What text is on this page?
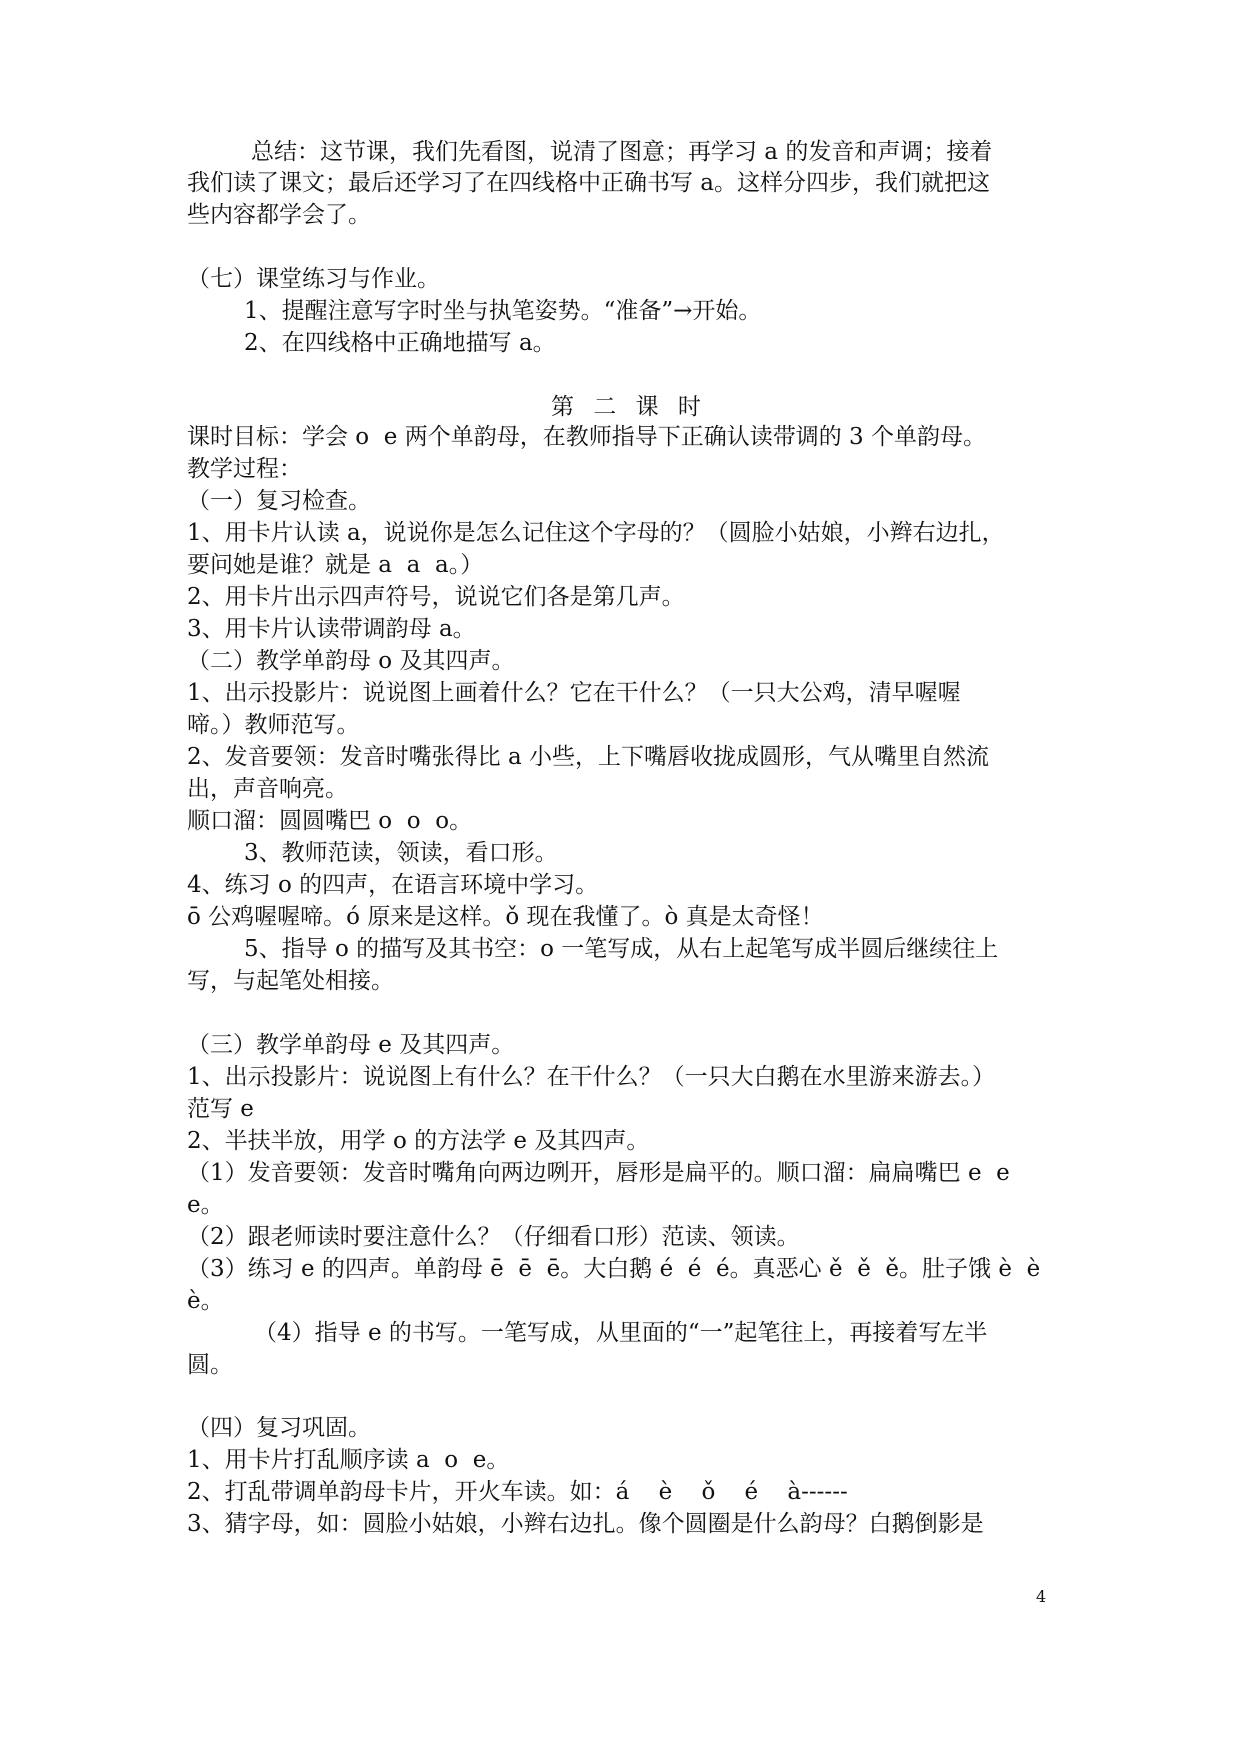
总结：这节课，我们先看图，说清了图意；再学习 a 的发音和声调；接着

我们读了课文；最后还学习了在四线格中正确书写 a。这样分四步，我们就把这

些内容都学会了。

（七）课堂练习与作业。

1、提醒注意写字时坐与执笔姿势。“准备”→开始。

2、在四线格中正确地描写 a。

第 二 课 时

课时目标：学会 o  e 两个单韵母，在教师指导下正确认读带调的 3 个单韵母。

教学过程：

（一）复习检查。

1、用卡片认读 a，说说你是怎么记住这个字母的？（圆脸小姑娘，小辫右边扎，

要问她是谁？就是 a  a  a。）

2、用卡片出示四声符号，说说它们各是第几声。

3、用卡片认读带调韵母 a。

（二）教学单韵母 o 及其四声。

1、出示投影片：说说图上画着什么？它在干什么？（一只大公鸡，清早喔喔

啼。）教师范写。

2、发音要领：发音时嘴张得比 a 小些，上下嘴唇收拢成圆形，气从嘴里自然流

出，声音响亮。

顺口溜：圆圆嘴巴 o  o  o。

3、教师范读，领读，看口形。

4、练习 o 的四声，在语言环境中学习。

ō 公鸡喔喔啼。ó 原来是这样。ǒ 现在我懂了。ò 真是太奇怪！

5、指导 o 的描写及其书空：o 一笔写成，从右上起笔写成半圆后继续往上

写，与起笔处相接。

（三）教学单韵母 e 及其四声。

1、出示投影片：说说图上有什么？在干什么？（一只大白鹅在水里游来游去。）

范写 e

2、半扶半放，用学 o 的方法学 e 及其四声。

（1）发音要领：发音时嘴角向两边咧开，唇形是扁平的。顺口溜：扁扁嘴巴 e  e

e。

（2）跟老师读时要注意什么？（仔细看口形）范读、领读。

（3）练习 e 的四声。单韵母 ē  ē  ē。大白鹅 é  é  é。真恶心 ě  ě  ě。肚子饿 è  è

è。

（4）指导 e 的书写。一笔写成，从里面的“一”起笔往上，再接着写左半

圆。

（四）复习巩固。

1、用卡片打乱顺序读 a  o  e。

2、打乱带调单韵母卡片，开火车读。如：á    è    ǒ    é    à------

3、猜字母，如：圆脸小姑娘，小辫右边扎。像个圆圈是什么韵母？白鹅倒影是

4
